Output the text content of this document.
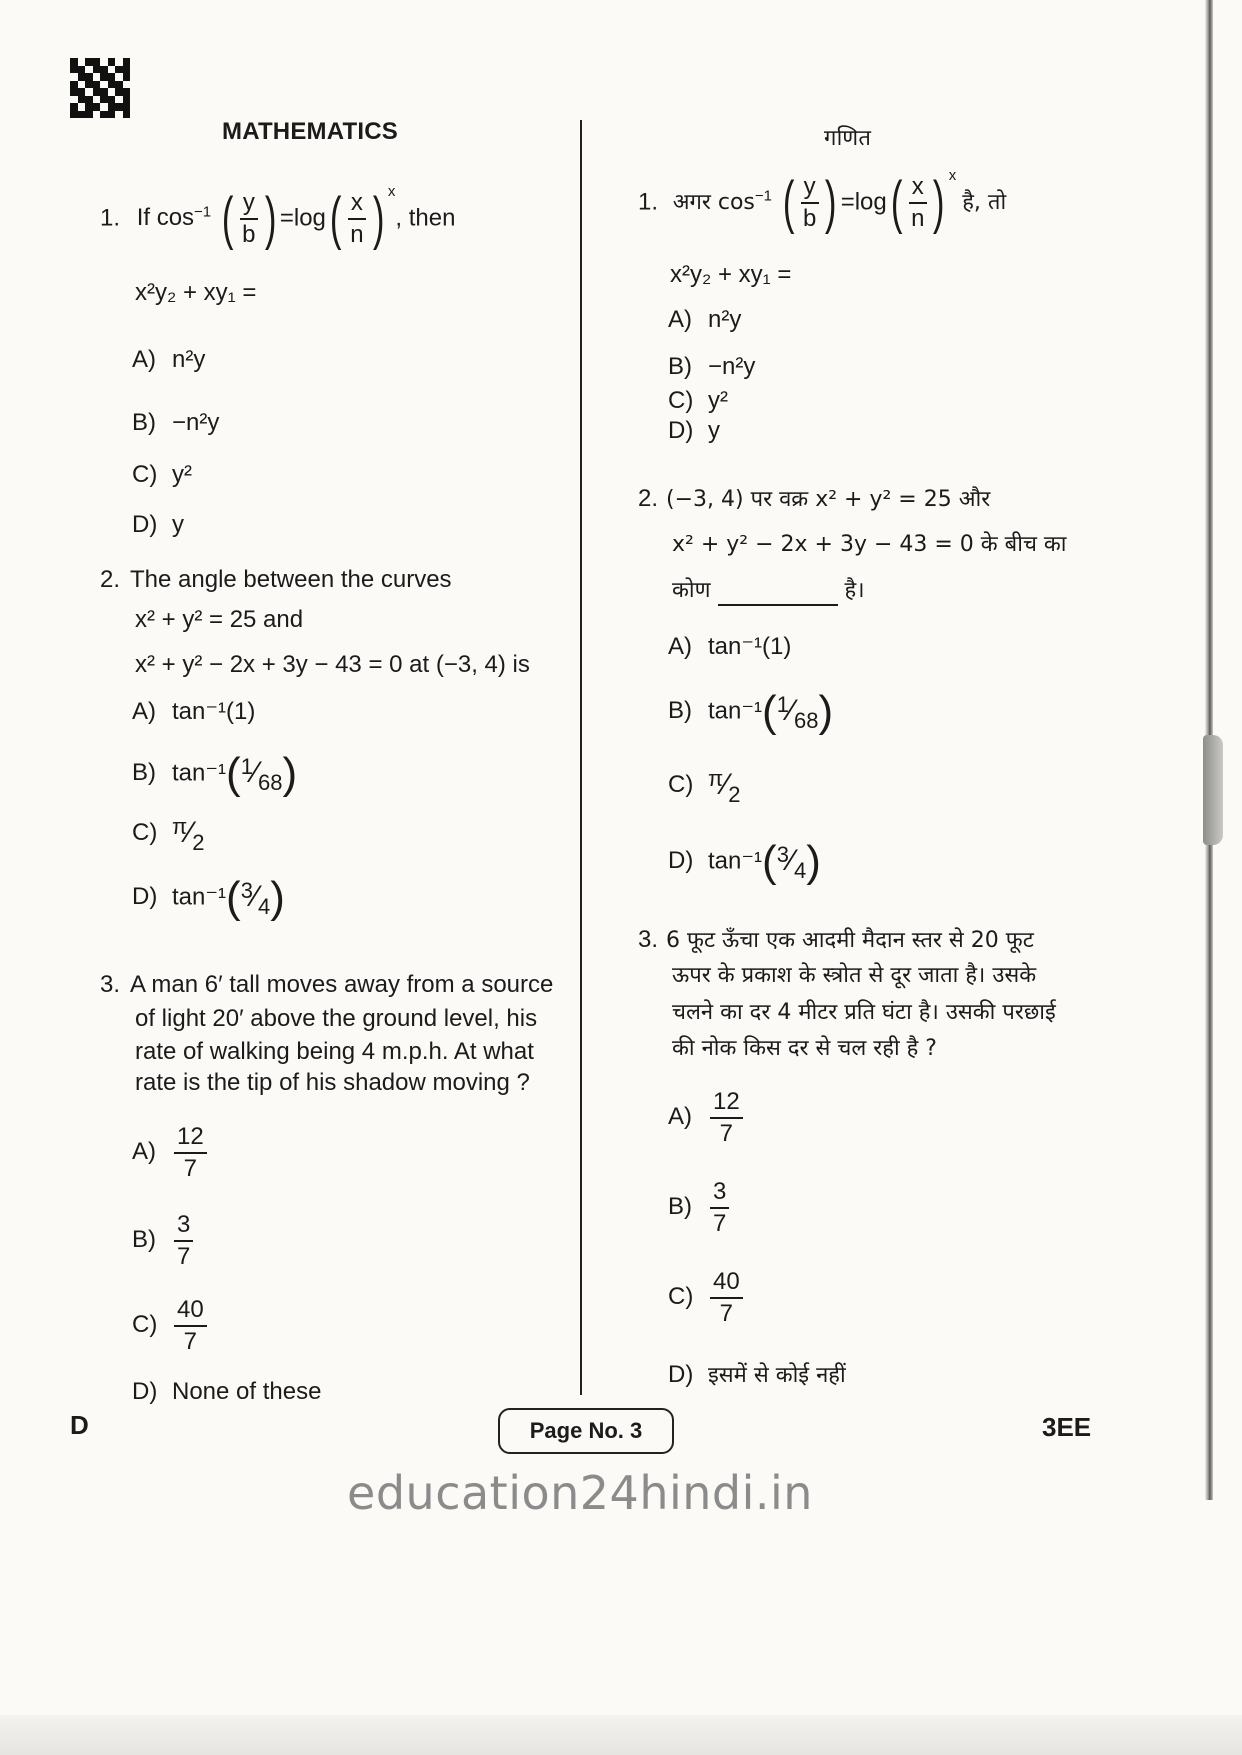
MATHEMATICS
1. If $\cos^{-1}$ ( $\frac{y}{b}$ ) =log ( $\frac{x}{n}$ ) $^x$, then
x²y₂ + xy₁ =
A) n²y
B) −n²y
C) y²
D) y
2. The angle between the curves
x² + y² = 25 and
x² + y² − 2x + 3y − 43 = 0 at (−3, 4) is
A) tan⁻¹(1)
B) tan⁻¹(1⁄68)
C) π⁄2
D) tan⁻¹(3⁄4)
3. A man 6′ tall moves away from a source
of light 20′ above the ground level, his
rate of walking being 4 m.p.h. At what
rate is the tip of his shadow moving ?
$A) \frac{12}{7}$
$B) \frac{3}{7}$
$C) \frac{40}{7}$
D) None of these
गणित
1. अगर $\cos^{-1}$ ( $\frac{y}{b}$ ) =log ( $\frac{x}{n}$ ) $^x$है, तो
x²y₂ + xy₁ =
A) n²y
B) −n²y
C) y²
D) y
2. (−3, 4) पर वक्र x² + y² = 25 और
x² + y² − 2x + 3y − 43 = 0 के बीच का
कोण	है।
A) tan⁻¹(1)
B) tan⁻¹(1⁄68)
C) π⁄2
D) tan⁻¹(3⁄4)
3. 6 फूट ऊँचा एक आदमी मैदान स्तर से 20 फूट
ऊपर के प्रकाश के स्त्रोत से दूर जाता है। उसके
चलने का दर 4 मीटर प्रति घंटा है। उसकी परछाई
की नोक किस दर से चल रही है ?
$A) \frac{12}{7}$
$B) \frac{3}{7}$
$C) \frac{40}{7}$
D) इसमें से कोई नहीं
D	Page No. 3	3EE
education24hindi.in
